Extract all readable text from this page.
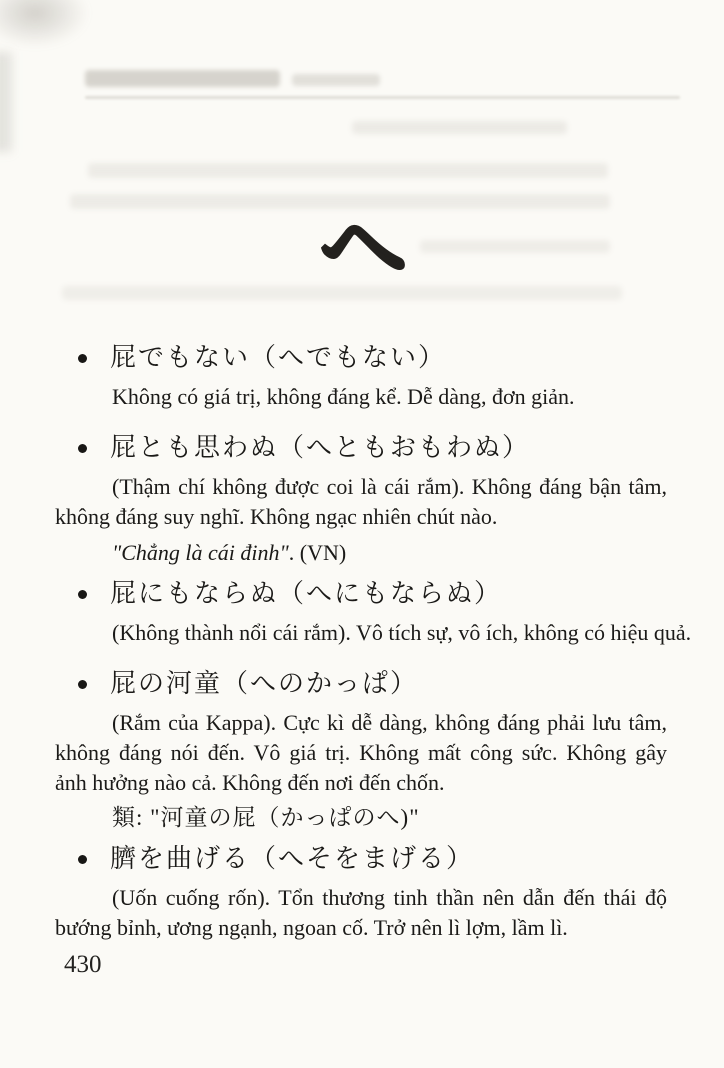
へ
屁でもない（へでもない）
Không có giá trị, không đáng kể. Dễ dàng, đơn giản.
屁とも思わぬ（へともおもわぬ）
(Thậm chí không được coi là cái rắm). Không đáng bận tâm,
không đáng suy nghĩ. Không ngạc nhiên chút nào.
"Chẳng là cái đinh". (VN)
屁にもならぬ（へにもならぬ）
(Không thành nổi cái rắm). Vô tích sự, vô ích, không có hiệu quả.
屁の河童（へのかっぱ）
(Rắm của Kappa). Cực kì dễ dàng, không đáng phải lưu tâm,
không đáng nói đến. Vô giá trị. Không mất công sức. Không gây
ảnh hưởng nào cả. Không đến nơi đến chốn.
類: "河童の屁（かっぱのへ)"
臍を曲げる（へそをまげる）
(Uốn cuống rốn). Tổn thương tinh thần nên dẫn đến thái độ
bướng bỉnh, ương ngạnh, ngoan cố. Trở nên lì lợm, lầm lì.
430
